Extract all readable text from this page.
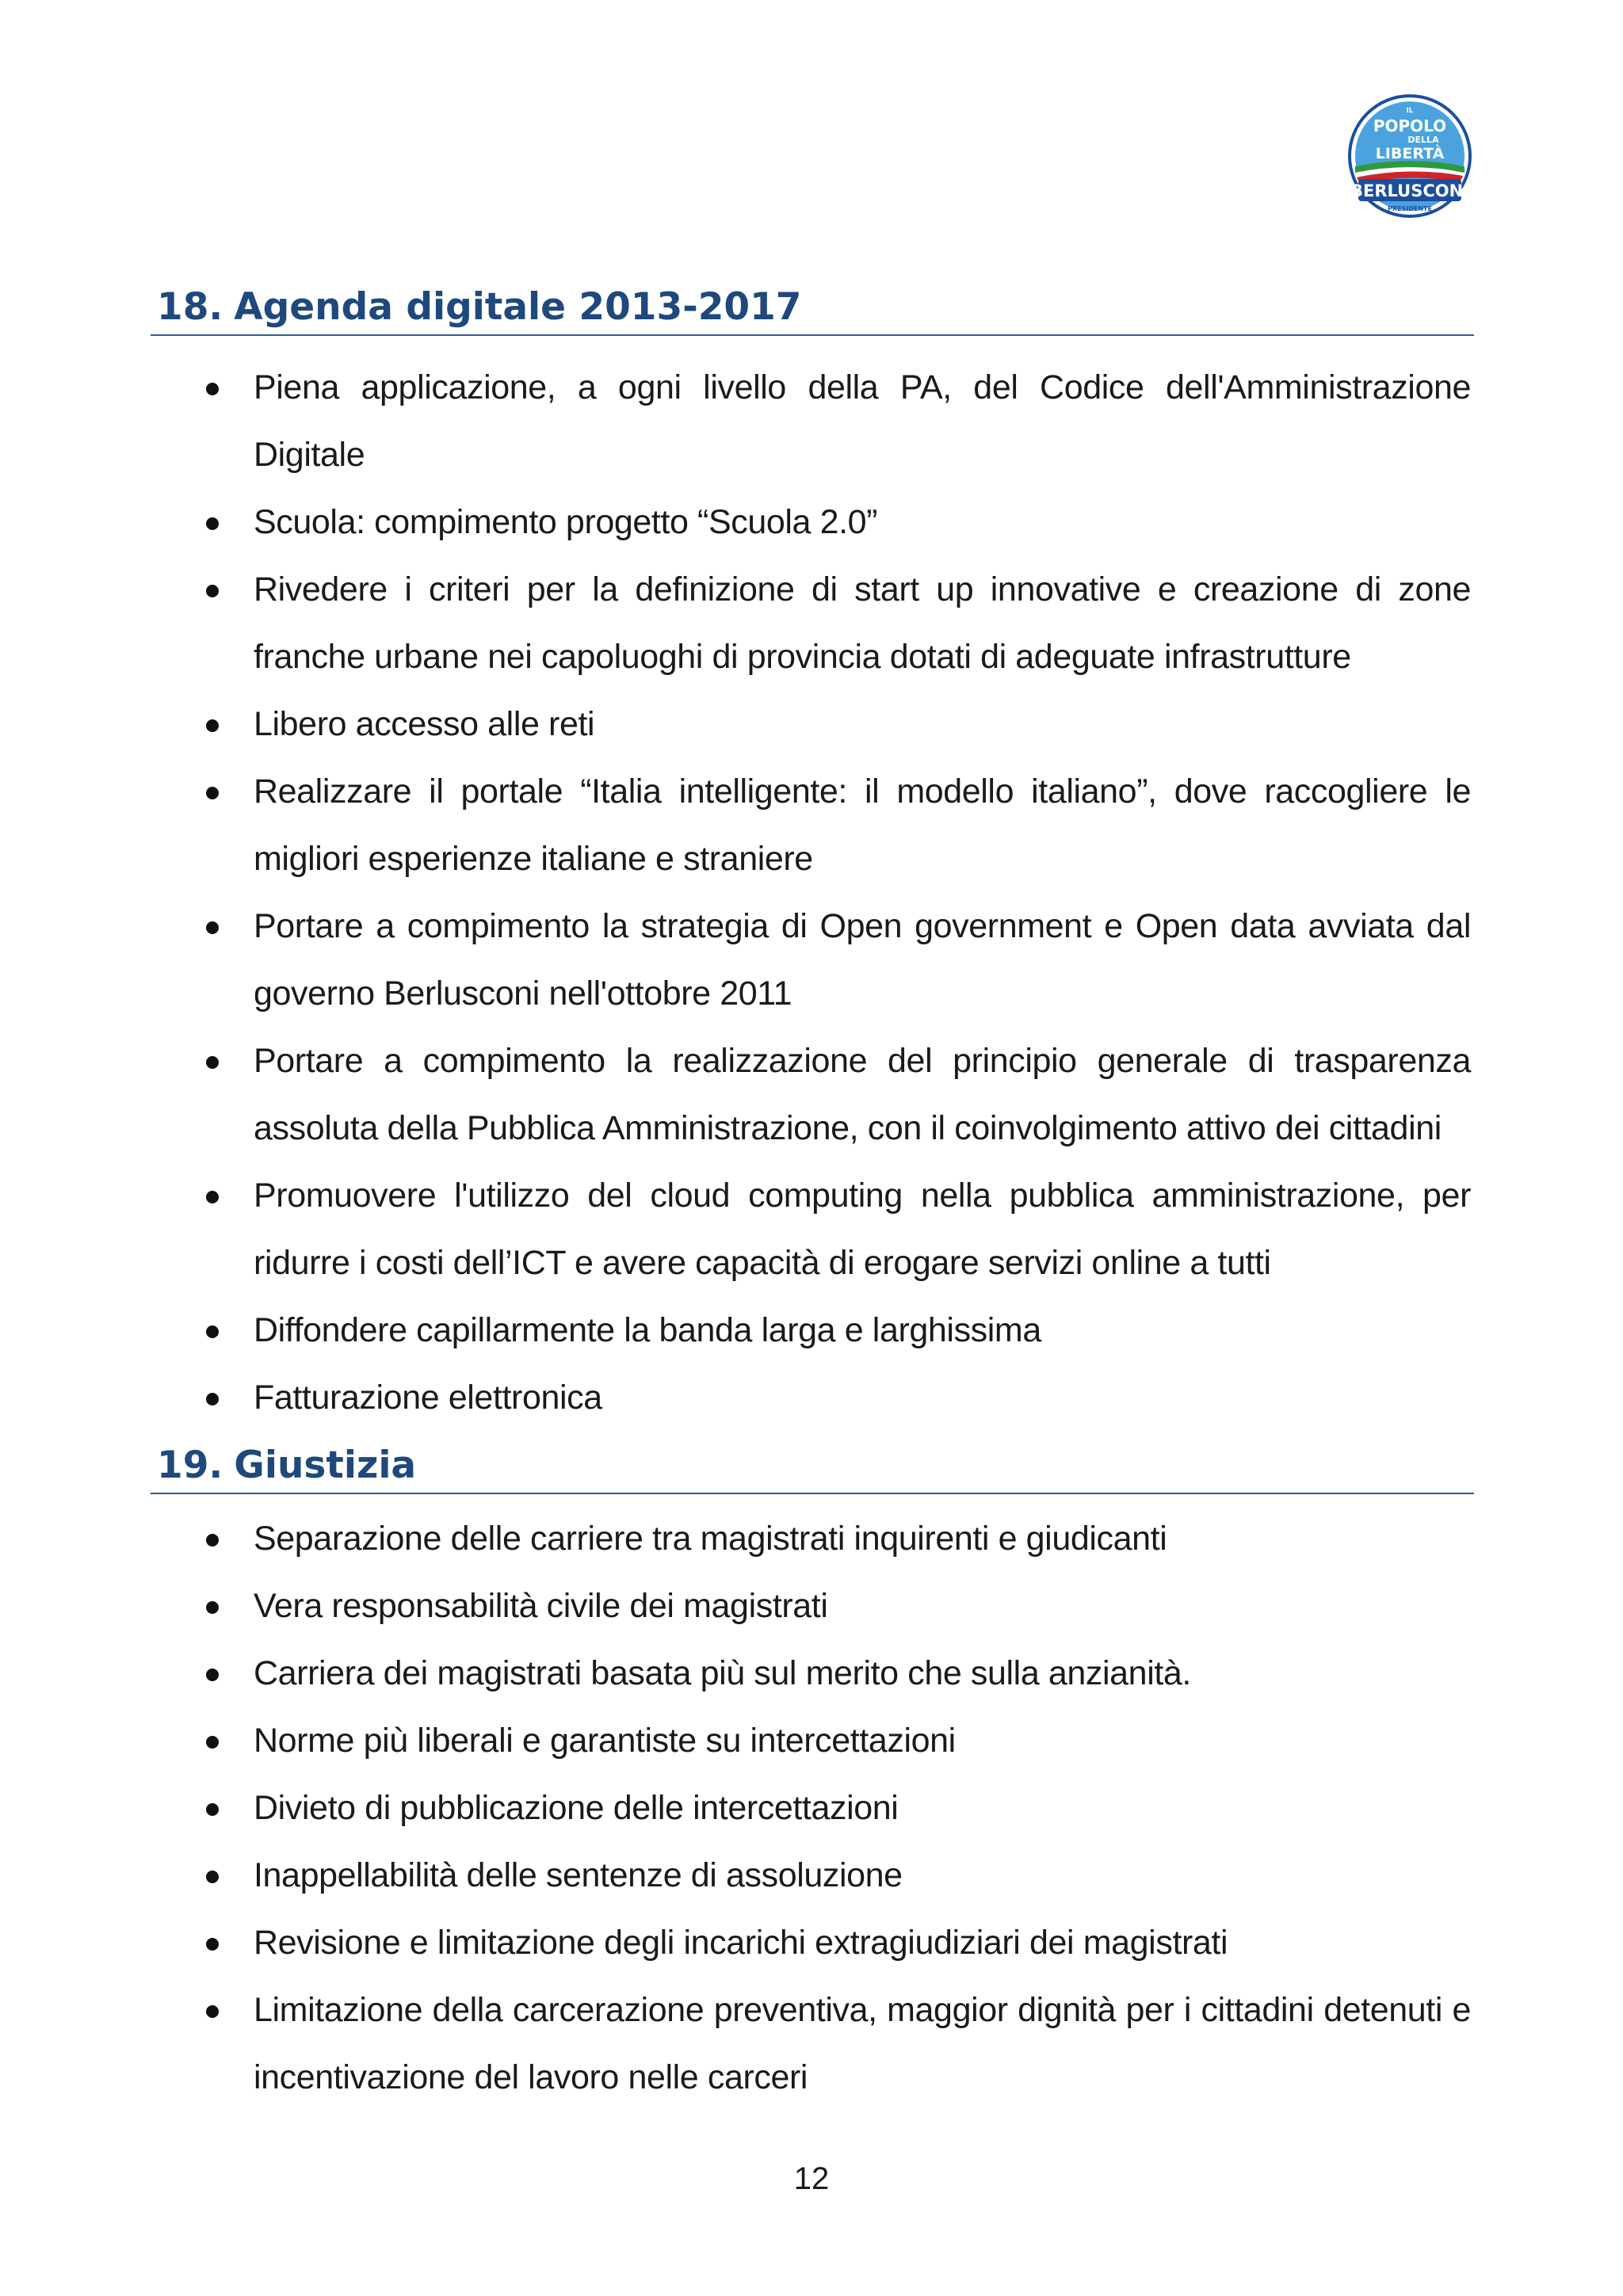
IL
POPOLO
DELLA
LIBERTÀ
BERLUSCONI
PRESIDENTE
18. Agenda digitale 2013-2017
Piena applicazione, a ogni livello della PA, del Codice dell'Amministrazione Digitale
Scuola: compimento progetto “Scuola 2.0”
Rivedere i criteri per la definizione di start up innovative e creazione di zone franche urbane nei capoluoghi di provincia dotati di adeguate infrastrutture
Libero accesso alle reti
Realizzare il portale “Italia intelligente: il modello italiano”, dove raccogliere le migliori esperienze italiane e straniere
Portare a compimento la strategia di Open government e Open data avviata dal governo Berlusconi nell'ottobre 2011
Portare a compimento la realizzazione del principio generale di trasparenza assoluta della Pubblica Amministrazione, con il coinvolgimento attivo dei cittadini
Promuovere l'utilizzo del cloud computing nella pubblica amministrazione, per ridurre i costi dell’ICT e avere capacità di erogare servizi online a tutti
Diffondere capillarmente la banda larga e larghissima
Fatturazione elettronica
19. Giustizia
Separazione delle carriere tra magistrati inquirenti e giudicanti
Vera responsabilità civile dei magistrati
Carriera dei magistrati basata più sul merito che sulla anzianità.
Norme più liberali e garantiste su intercettazioni
Divieto di pubblicazione delle intercettazioni
Inappellabilità delle sentenze di assoluzione
Revisione e limitazione degli incarichi extragiudiziari dei magistrati
Limitazione della carcerazione preventiva, maggior dignità per i cittadini detenuti e incentivazione del lavoro nelle carceri
12
